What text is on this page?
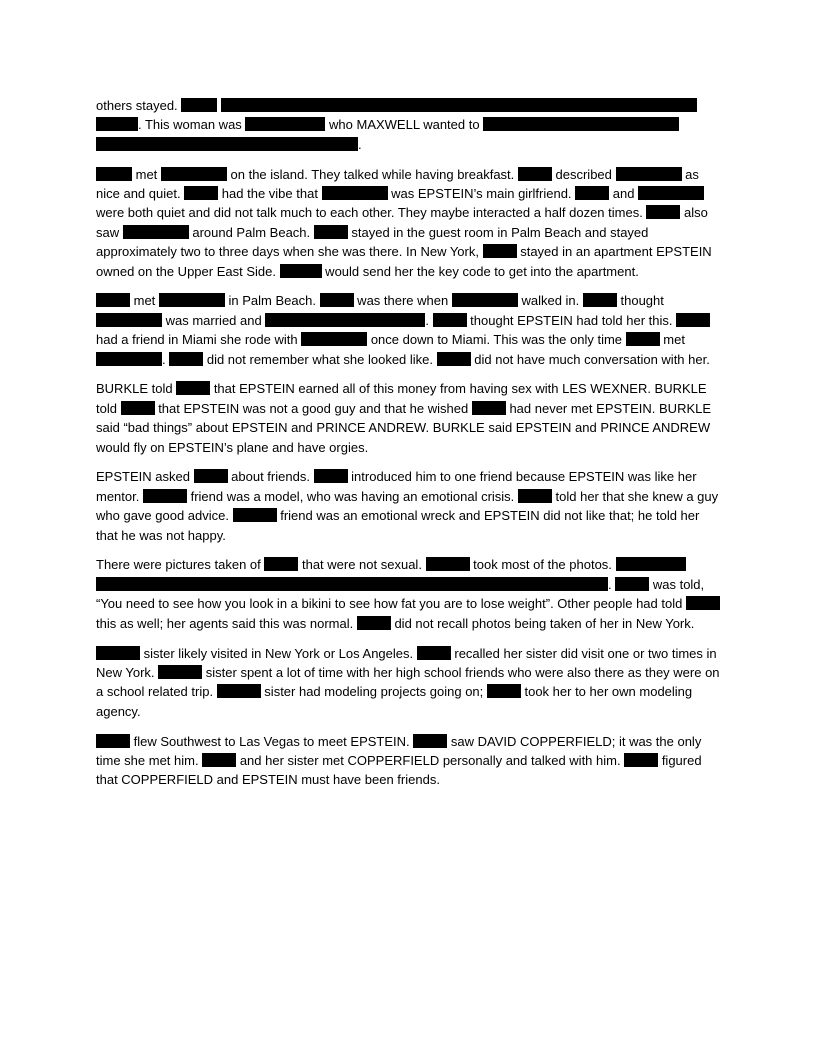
others stayed.   . This woman was	who MAXWELL wanted to  .

met	on the island. They talked while having breakfast.	described	as nice and quiet.	had the vibe that	was EPSTEIN’s main girlfriend.	and  were both quiet and did not talk much to each other. They maybe interacted a half dozen times.	also saw	around Palm Beach.	stayed in the guest room in Palm Beach and stayed approximately two to three days when she was there. In New York,	stayed in an apartment EPSTEIN owned on the Upper East Side.	would send her the key code to get into the apartment.

met	in Palm Beach.	was there when	walked in.	thought  was married and	.	thought EPSTEIN had told her this.  had a friend in Miami she rode with	once down to Miami. This was the only time	met .	did not remember what she looked like.	did not have much conversation with her.

BURKLE told	that EPSTEIN earned all of this money from having sex with LES WEXNER. BURKLE told	that EPSTEIN was not a good guy and that he wished	had never met EPSTEIN. BURKLE said “bad things” about EPSTEIN and PRINCE ANDREW. BURKLE said EPSTEIN and PRINCE ANDREW would fly on EPSTEIN’s plane and have orgies.

EPSTEIN asked	about friends.	introduced him to one friend because EPSTEIN was like her mentor.	friend was a model, who was having an emotional crisis.	told her that she knew a guy who gave good advice.	friend was an emotional wreck and EPSTEIN did not like that; he told her that he was not happy.

There were pictures taken of	that were not sexual.	took most of the photos.  .	was told, “You need to see how you look in a bikini to see how fat you are to lose weight”. Other people had told  this as well; her agents said this was normal.	did not recall photos being taken of her in New York.

sister likely visited in New York or Los Angeles.	recalled her sister did visit one or two times in New York.	sister spent a lot of time with her high school friends who were also there as they were on a school related trip.	sister had modeling projects going on;	took her to her own modeling agency.

flew Southwest to Las Vegas to meet EPSTEIN.	saw DAVID COPPERFIELD; it was the only time she met him.	and her sister met COPPERFIELD personally and talked with him.	figured that COPPERFIELD and EPSTEIN must have been friends.
